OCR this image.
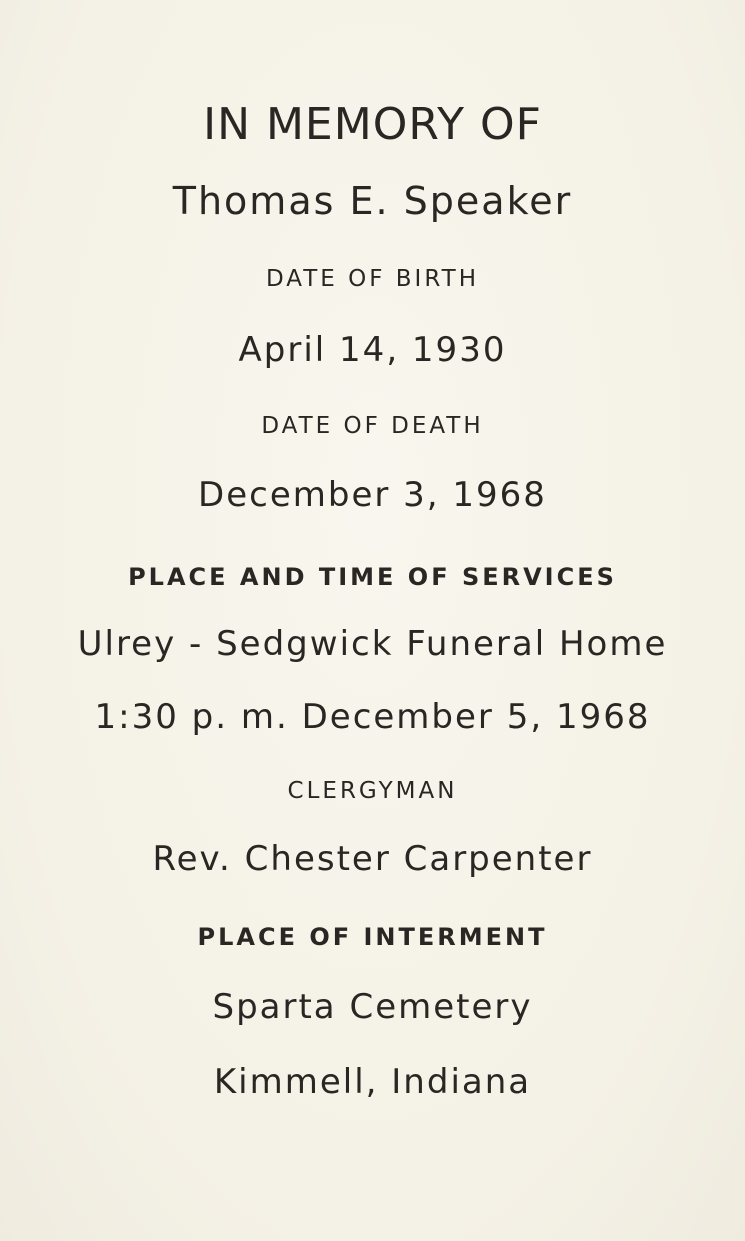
IN MEMORY OF
Thomas E. Speaker
DATE OF BIRTH
April 14, 1930
DATE OF DEATH
December 3, 1968
PLACE AND TIME OF SERVICES
Ulrey - Sedgwick Funeral Home
1:30 p. m. December 5, 1968
CLERGYMAN
Rev. Chester Carpenter
PLACE OF INTERMENT
Sparta Cemetery
Kimmell, Indiana
